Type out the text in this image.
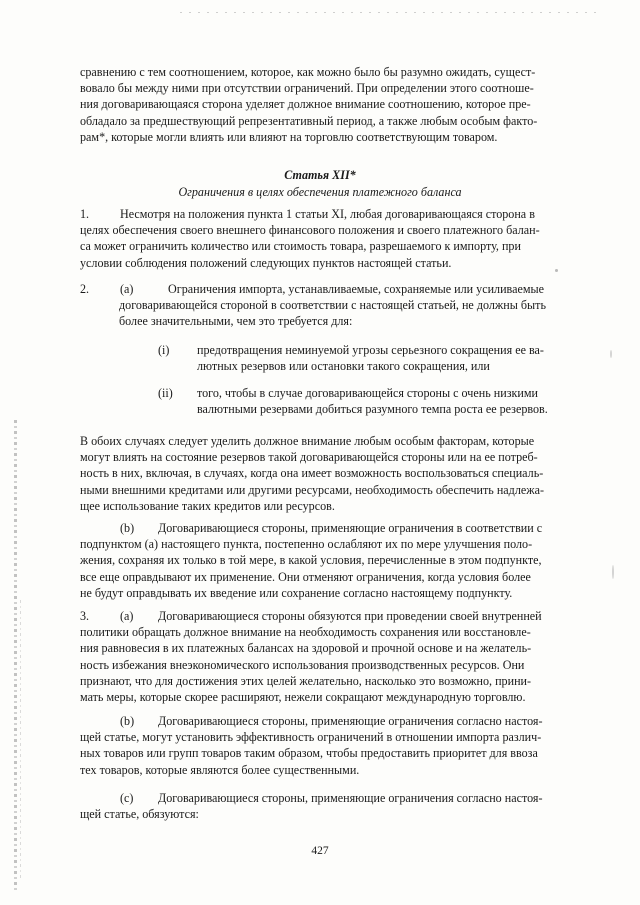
сравнению с тем соотношением, которое, как можно было бы разумно ожидать, сущест-
вовало бы между ними при отсутствии ограничений. При определении этого соотноше-
ния договаривающаяся сторона уделяет должное внимание соотношению, которое пре-
обладало за предшествующий репрезентативный период, а также любым особым факто-
рам*, которые могли влиять или влияют на торговлю соответствующим товаром.
Статья XII*
Ограничения в целях обеспечения платежного баланса
1.	Несмотря на положения пункта 1 статьи XI, любая договаривающаяся сторона в
целях обеспечения своего внешнего финансового положения и своего платежного балан-
са может ограничить количество или стоимость товара, разрешаемого к импорту, при
условии соблюдения положений следующих пунктов настоящей статьи.
2.	(a)	Ограничения импорта, устанавливаемые, сохраняемые или усиливаемые
договаривающейся стороной в соответствии с настоящей статьей, не должны быть
более значительными, чем это требуется для:
(i) предотвращения неминуемой угрозы серьезного сокращения ее ва-
лютных резервов или остановки такого сокращения, или
(ii) того, чтобы в случае договаривающейся стороны с очень низкими
валютными резервами добиться разумного темпа роста ее резервов.
В обоих случаях следует уделить должное внимание любым особым факторам, которые
могут влиять на состояние резервов такой договаривающейся стороны или на ее потреб-
ность в них, включая, в случаях, когда она имеет возможность воспользоваться специаль-
ными внешними кредитами или другими ресурсами, необходимость обеспечить надлежа-
щее использование таких кредитов или ресурсов.
(b)	Договаривающиеся стороны, применяющие ограничения в соответствии с
подпунктом (a) настоящего пункта, постепенно ослабляют их по мере улучшения поло-
жения, сохраняя их только в той мере, в какой условия, перечисленные в этом подпункте,
все еще оправдывают их применение. Они отменяют ограничения, когда условия более
не будут оправдывать их введение или сохранение согласно настоящему подпункту.
3.	(a)	Договаривающиеся стороны обязуются при проведении своей внутренней
политики обращать должное внимание на необходимость сохранения или восстановле-
ния равновесия в их платежных балансах на здоровой и прочной основе и на желатель-
ность избежания внеэкономического использования производственных ресурсов. Они
признают, что для достижения этих целей желательно, насколько это возможно, прини-
мать меры, которые скорее расширяют, нежели сокращают международную торговлю.
(b)	Договаривающиеся стороны, применяющие ограничения согласно настоя-
щей статье, могут установить эффективность ограничений в отношении импорта различ-
ных товаров или групп товаров таким образом, чтобы предоставить приоритет для ввоза
тех товаров, которые являются более существенными.
(c)	Договаривающиеся стороны, применяющие ограничения согласно настоя-
щей статье, обязуются:
427
